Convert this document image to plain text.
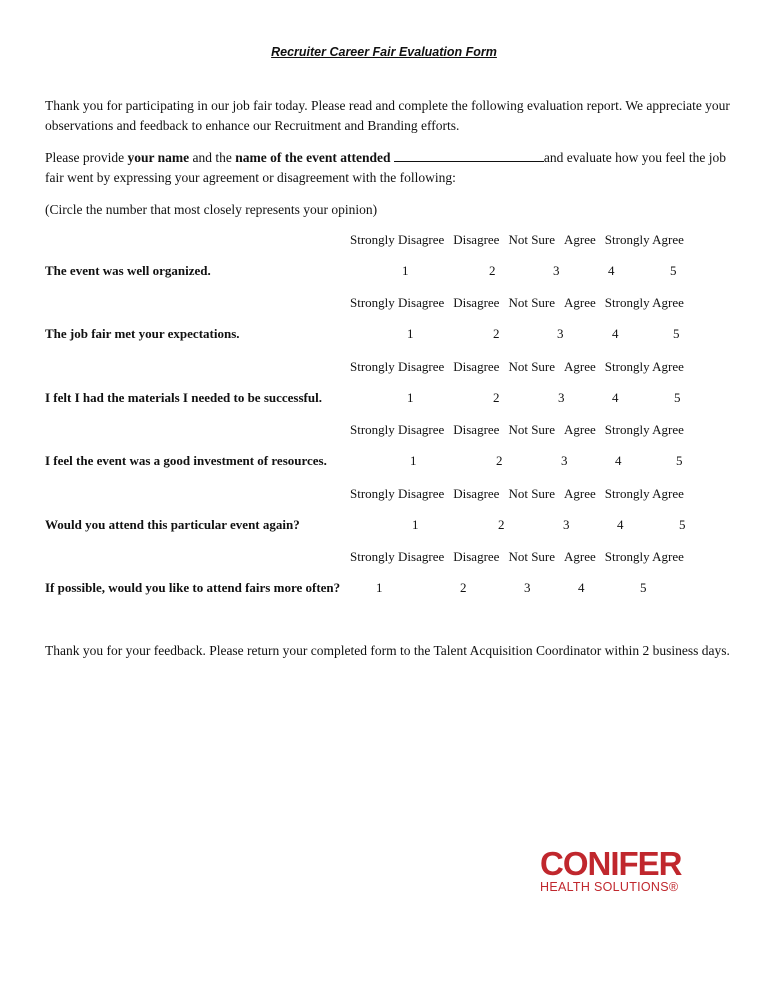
Recruiter Career Fair Evaluation Form

Thank you for participating in our job fair today. Please read and complete the following evaluation report. We appreciate your observations and feedback to enhance our Recruitment and Branding efforts.

Please provide your name and the name of the event attended	and evaluate how you feel the job fair went by expressing your agreement or disagreement with the following:

(Circle the number that most closely represents your opinion)

Strongly Disagree Disagree Not Sure Agree Strongly Agree
The event was well organized.	1	2	3	4	5
Strongly Disagree Disagree Not Sure Agree Strongly Agree
The job fair met your expectations.	1	2	3	4	5
Strongly Disagree Disagree Not Sure Agree Strongly Agree
I felt I had the materials I needed to be successful.	1	2	3	4	5
Strongly Disagree Disagree Not Sure Agree Strongly Agree
I feel the event was a good investment of resources.	1	2	3	4	5
Strongly Disagree Disagree Not Sure Agree Strongly Agree
Would you attend this particular event again?	1	2	3	4	5
Strongly Disagree Disagree Not Sure Agree Strongly Agree
If possible, would you like to attend fairs more often?	1	2	3	4	5

Thank you for your feedback. Please return your completed form to the Talent Acquisition Coordinator within 2 business days.

CONIFER
HEALTH SOLUTIONS®
